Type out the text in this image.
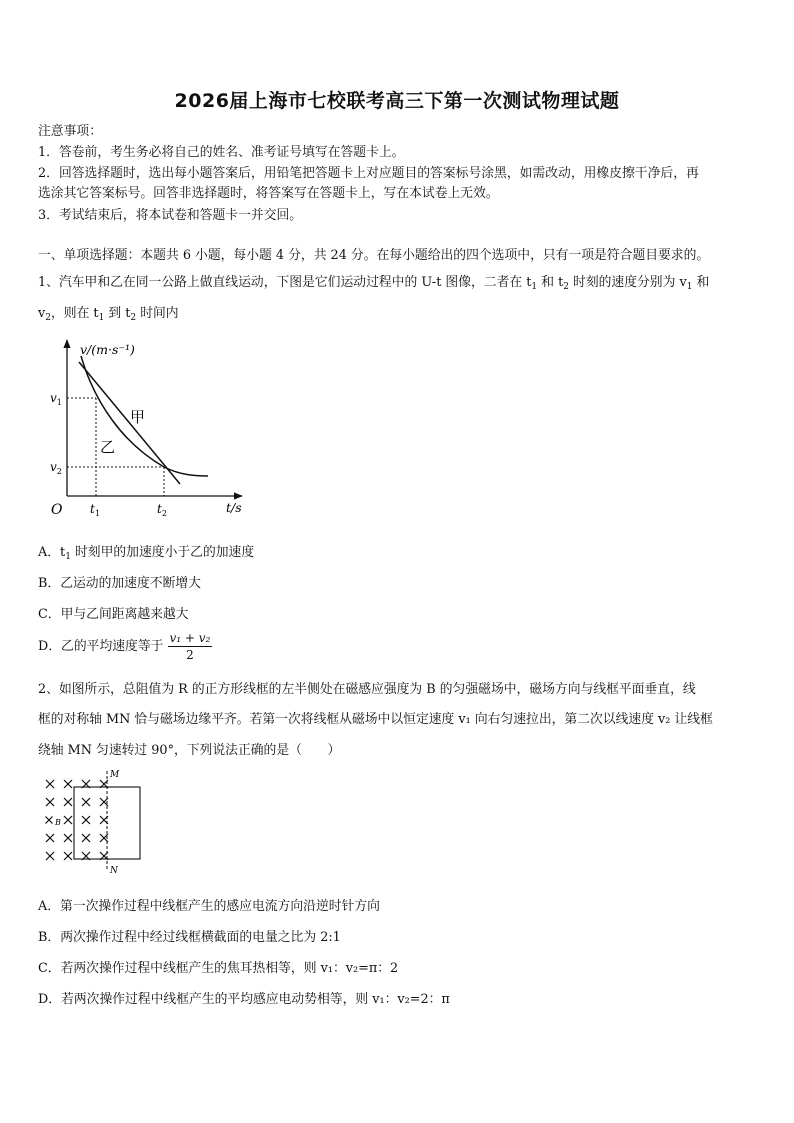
2026届上海市七校联考高三下第一次测试物理试题
注意事项：
1．答卷前，考生务必将自己的姓名、准考证号填写在答题卡上。
2．回答选择题时，选出每小题答案后，用铅笔把答题卡上对应题目的答案标号涂黑，如需改动，用橡皮擦干净后，再
选涂其它答案标号。回答非选择题时，将答案写在答题卡上，写在本试卷上无效。
3．考试结束后，将本试卷和答题卡一并交回。
一、单项选择题：本题共 6 小题，每小题 4 分，共 24 分。在每小题给出的四个选项中，只有一项是符合题目要求的。
1、汽车甲和乙在同一公路上做直线运动，下图是它们运动过程中的 U-t 图像，二者在 $t_1$ 和 $t_2$ 时刻的速度分别为 $v_1$ 和
$v_2$，则在 $t_1$ 到 $t_2$ 时间内
v/(m·s⁻¹)
t/s
O
$v_1$
$v_2$
$t_1$	$t_2$
甲
乙
A．$t_1$ 时刻甲的加速度小于乙的加速度
B．乙运动的加速度不断增大
C．甲与乙间距离越来越大
D．乙的平均速度等于 $\frac{\text{v₁ + v₂}}{2}$
2、如图所示，总阻值为 R 的正方形线框的左半侧处在磁感应强度为 B 的匀强磁场中，磁场方向与线框平面垂直，线
框的对称轴 MN 恰与磁场边缘平齐。若第一次将线框从磁场中以恒定速度 v₁ 向右匀速拉出，第二次以线速度 v₂ 让线框
绕轴 MN 匀速转过 90°，下列说法正确的是（　　）
M
N
B
A．第一次操作过程中线框产生的感应电流方向沿逆时针方向
B．两次操作过程中经过线框横截面的电量之比为 2:1
C．若两次操作过程中线框产生的焦耳热相等，则 v₁：v₂=π：2
D．若两次操作过程中线框产生的平均感应电动势相等，则 v₁：v₂=2：π
